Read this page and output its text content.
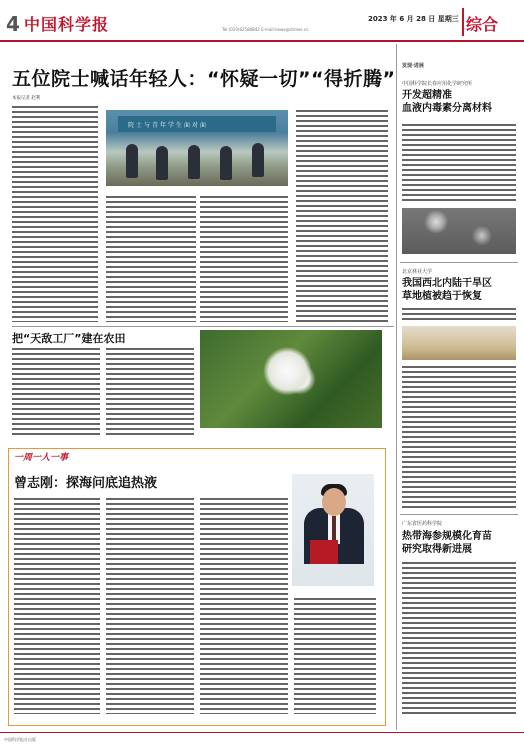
4 中国科学报	2023 年 6 月 28 日 星期三
Tel:(010)62580842 E-mail:news@stimes.cn	综合
五位院士喊话年轻人：“怀疑一切”“得折腾”
本报记者 赵利
院士与青年学生面对面
把“天敌工厂”建在农田
一周一人一事
曾志刚：探海问底追热液
发现·进展
中国科学院长春应用化学研究所
开发超精准
血液内毒素分离材料
北京林业大学
我国西北内陆干旱区
草地植被趋于恢复
广东省医药科学院
热带海参规模化育苗
研究取得新进展
中国科学报社出版
